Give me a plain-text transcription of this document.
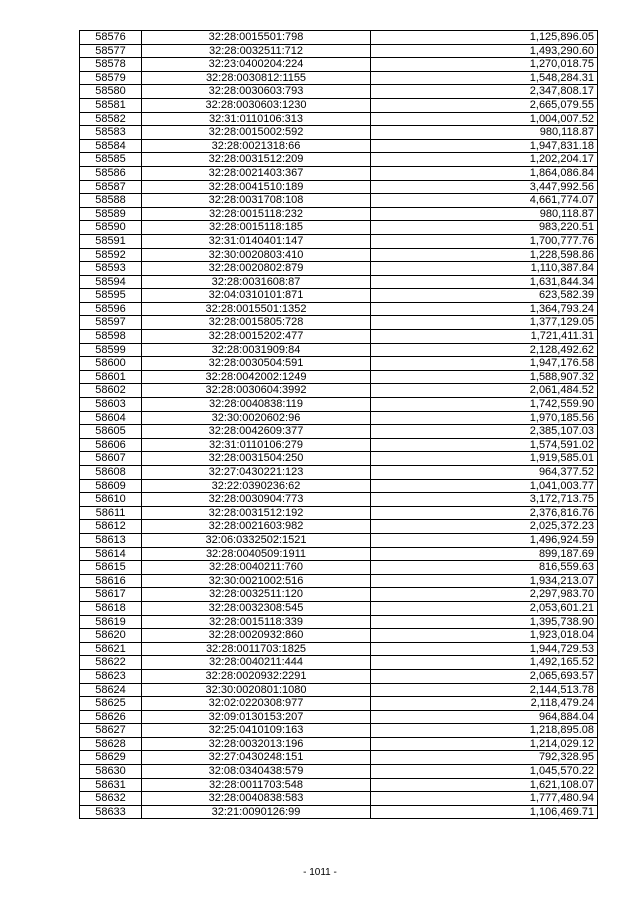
58576	32:28:0015501:798	1,125,896.05
58577	32:28:0032511:712	1,493,290.60
58578	32:23:0400204:224	1,270,018.75
58579	32:28:0030812:1155	1,548,284.31
58580	32:28:0030603:793	2,347,808.17
58581	32:28:0030603:1230	2,665,079.55
58582	32:31:0110106:313	1,004,007.52
58583	32:28:0015002:592	980,118.87
58584	32:28:0021318:66	1,947,831.18
58585	32:28:0031512:209	1,202,204.17
58586	32:28:0021403:367	1,864,086.84
58587	32:28:0041510:189	3,447,992.56
58588	32:28:0031708:108	4,661,774.07
58589	32:28:0015118:232	980,118.87
58590	32:28:0015118:185	983,220.51
58591	32:31:0140401:147	1,700,777.76
58592	32:30:0020803:410	1,228,598.86
58593	32:28:0020802:879	1,110,387.84
58594	32:28:0031608:87	1,631,844.34
58595	32:04:0310101:871	623,582.39
58596	32:28:0015501:1352	1,364,793.24
58597	32:28:0015805:728	1,377,129.05
58598	32:28:0015202:477	1,721,411.31
58599	32:28:0031909:84	2,128,492.62
58600	32:28:0030504:591	1,947,176.58
58601	32:28:0042002:1249	1,588,907.32
58602	32:28:0030604:3992	2,061,484.52
58603	32:28:0040838:119	1,742,559.90
58604	32:30:0020602:96	1,970,185.56
58605	32:28:0042609:377	2,385,107.03
58606	32:31:0110106:279	1,574,591.02
58607	32:28:0031504:250	1,919,585.01
58608	32:27:0430221:123	964,377.52
58609	32:22:0390236:62	1,041,003.77
58610	32:28:0030904:773	3,172,713.75
58611	32:28:0031512:192	2,376,816.76
58612	32:28:0021603:982	2,025,372.23
58613	32:06:0332502:1521	1,496,924.59
58614	32:28:0040509:1911	899,187.69
58615	32:28:0040211:760	816,559.63
58616	32:30:0021002:516	1,934,213.07
58617	32:28:0032511:120	2,297,983.70
58618	32:28:0032308:545	2,053,601.21
58619	32:28:0015118:339	1,395,738.90
58620	32:28:0020932:860	1,923,018.04
58621	32:28:0011703:1825	1,944,729.53
58622	32:28:0040211:444	1,492,165.52
58623	32:28:0020932:2291	2,065,693.57
58624	32:30:0020801:1080	2,144,513.78
58625	32:02:0220308:977	2,118,479.24
58626	32:09:0130153:207	964,884.04
58627	32:25:0410109:163	1,218,895.08
58628	32:28:0032013:196	1,214,029.12
58629	32:27:0430248:151	792,328.95
58630	32:08:0340438:579	1,045,570.22
58631	32:28:0011703:548	1,621,108.07
58632	32:28:0040838:583	1,777,480.94
58633	32:21:0090126:99	1,106,469.71
- 1011 -
